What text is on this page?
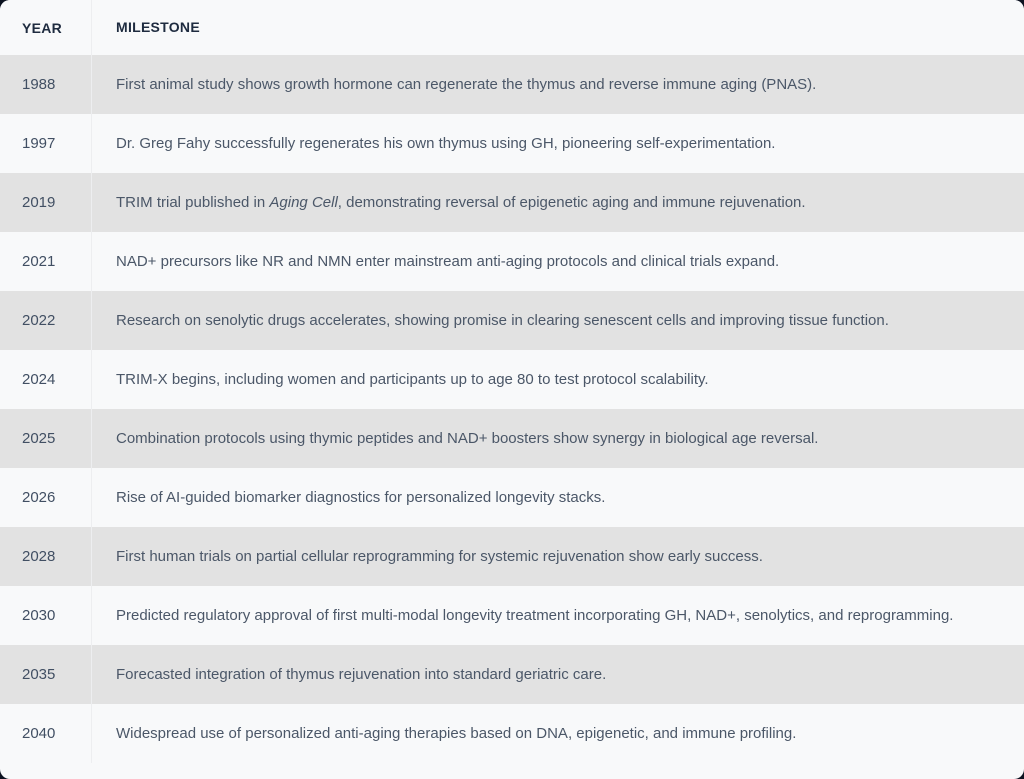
YEAR	MILESTONE
1988	First animal study shows growth hormone can regenerate the thymus and reverse immune aging (PNAS).
1997	Dr. Greg Fahy successfully regenerates his own thymus using GH, pioneering self-experimentation.
2019	TRIM trial published in Aging Cell, demonstrating reversal of epigenetic aging and immune rejuvenation.
2021	NAD+ precursors like NR and NMN enter mainstream anti-aging protocols and clinical trials expand.
2022	Research on senolytic drugs accelerates, showing promise in clearing senescent cells and improving tissue function.
2024	TRIM-X begins, including women and participants up to age 80 to test protocol scalability.
2025	Combination protocols using thymic peptides and NAD+ boosters show synergy in biological age reversal.
2026	Rise of AI-guided biomarker diagnostics for personalized longevity stacks.
2028	First human trials on partial cellular reprogramming for systemic rejuvenation show early success.
2030	Predicted regulatory approval of first multi-modal longevity treatment incorporating GH, NAD+, senolytics, and reprogramming.
2035	Forecasted integration of thymus rejuvenation into standard geriatric care.
2040	Widespread use of personalized anti-aging therapies based on DNA, epigenetic, and immune profiling.
